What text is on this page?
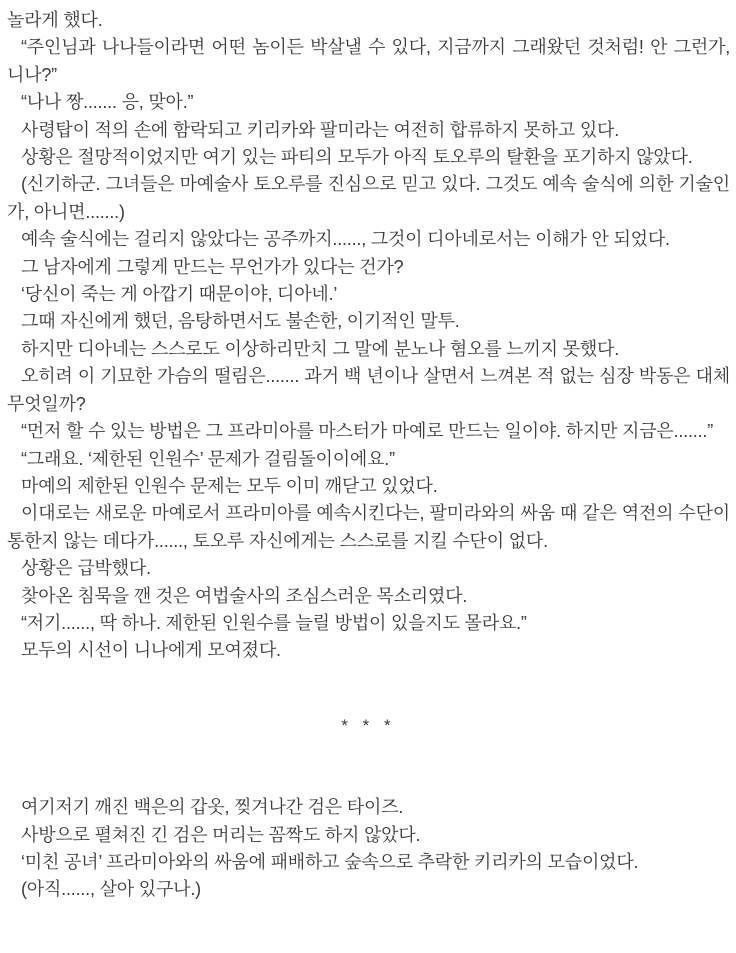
놀라게 했다.

“주인님과 나나들이라면 어떤 놈이든 박살낼 수 있다, 지금까지 그래왔던 것처럼! 안 그런가, 니나?”

“나나 짱....... 응, 맞아.”

사령탑이 적의 손에 함락되고 키리카와 팔미라는 여전히 합류하지 못하고 있다.

상황은 절망적이었지만 여기 있는 파티의 모두가 아직 토오루의 탈환을 포기하지 않았다.

(신기하군. 그녀들은 마예술사 토오루를 진심으로 믿고 있다. 그것도 예속 술식에 의한 기술인가, 아니면.......)

예속 술식에는 걸리지 않았다는 공주까지......, 그것이 디아네로서는 이해가 안 되었다.

그 남자에게 그렇게 만드는 무언가가 있다는 건가?

‘당신이 죽는 게 아깝기 때문이야, 디아네.’

그때 자신에게 했던, 음탕하면서도 불손한, 이기적인 말투.

하지만 디아네는 스스로도 이상하리만치 그 말에 분노나 혐오를 느끼지 못했다.

오히려 이 기묘한 가슴의 떨림은....... 과거 백 년이나 살면서 느껴본 적 없는 심장 박동은 대체 무엇일까?

“먼저 할 수 있는 방법은 그 프라미아를 마스터가 마예로 만드는 일이야. 하지만 지금은.......”

“그래요. ‘제한된 인원수’ 문제가 걸림돌이이에요.”

마예의 제한된 인원수 문제는 모두 이미 깨닫고 있었다.

이대로는 새로운 마예로서 프라미아를 예속시킨다는, 팔미라와의 싸움 때 같은 역전의 수단이 통한지 않는 데다가......, 토오루 자신에게는 스스로를 지킬 수단이 없다.

상황은 급박했다.

찾아온 침묵을 깬 것은 여법술사의 조심스러운 목소리였다.

“저기......, 딱 하나. 제한된 인원수를 늘릴 방법이 있을지도 몰라요.”

모두의 시선이 니나에게 모여졌다.

* * *

여기저기 깨진 백은의 갑옷, 찢겨나간 검은 타이즈.

사방으로 펼쳐진 긴 검은 머리는 꼼짝도 하지 않았다.

‘미친 공녀’ 프라미아와의 싸움에 패배하고 숲속으로 추락한 키리카의 모습이었다.

(아직......, 살아 있구나.)
